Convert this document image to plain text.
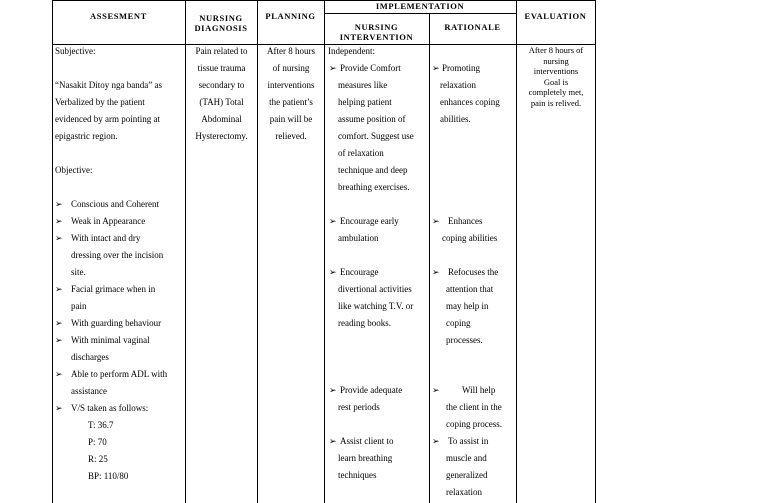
ASSESMENT	NURSING
DIAGNOSIS
PLANNING
IMPLEMENTATION
NURSING
INTERVENTION
RATIONALE
EVALUATION
Subjective:
“Nasakit Ditoy nga banda” as
Verbalized by the patient
evidenced by arm pointing at
epigastric region.
Objective:
➢ Conscious and Coherent
➢ Weak in Appearance
➢ With intact and dry
dressing over the incision
site.
➢ Facial grimace when in
pain
➢ With guarding behaviour
➢ With minimal vaginal
discharges
➢ Able to perform ADL with
assistance
➢ V/S taken as follows:
T: 36.7
P: 70
R: 25
BP: 110/80
Pain related to
tissue trauma
secondary to
(TAH) Total
Abdominal
Hysterectomy.
After 8 hours
of nursing
interventions
the patient’s
pain will be
relieved.
Independent:
➢ Provide Comfort
measures like
helping patient
assume position of
comfort. Suggest use
of relaxation
technique and deep
breathing exercises.
➢ Encourage early
ambulation
➢ Encourage
divertional activities
like watching T.V. or
reading books.
➢ Provide adequate
rest periods
➢ Assist client to
learn breathing
techniques
➢ Promoting
relaxation
enhances coping
abilities.
➢ Enhances
coping abilities
➢ Refocuses the
attention that
may help in
coping
processes.
➢ Will help
the client in the
coping process.
➢ To assist in
muscle and
generalized
relaxation
After 8 hours of
nursing
interventions
Goal is
completely met,
pain is relived.
